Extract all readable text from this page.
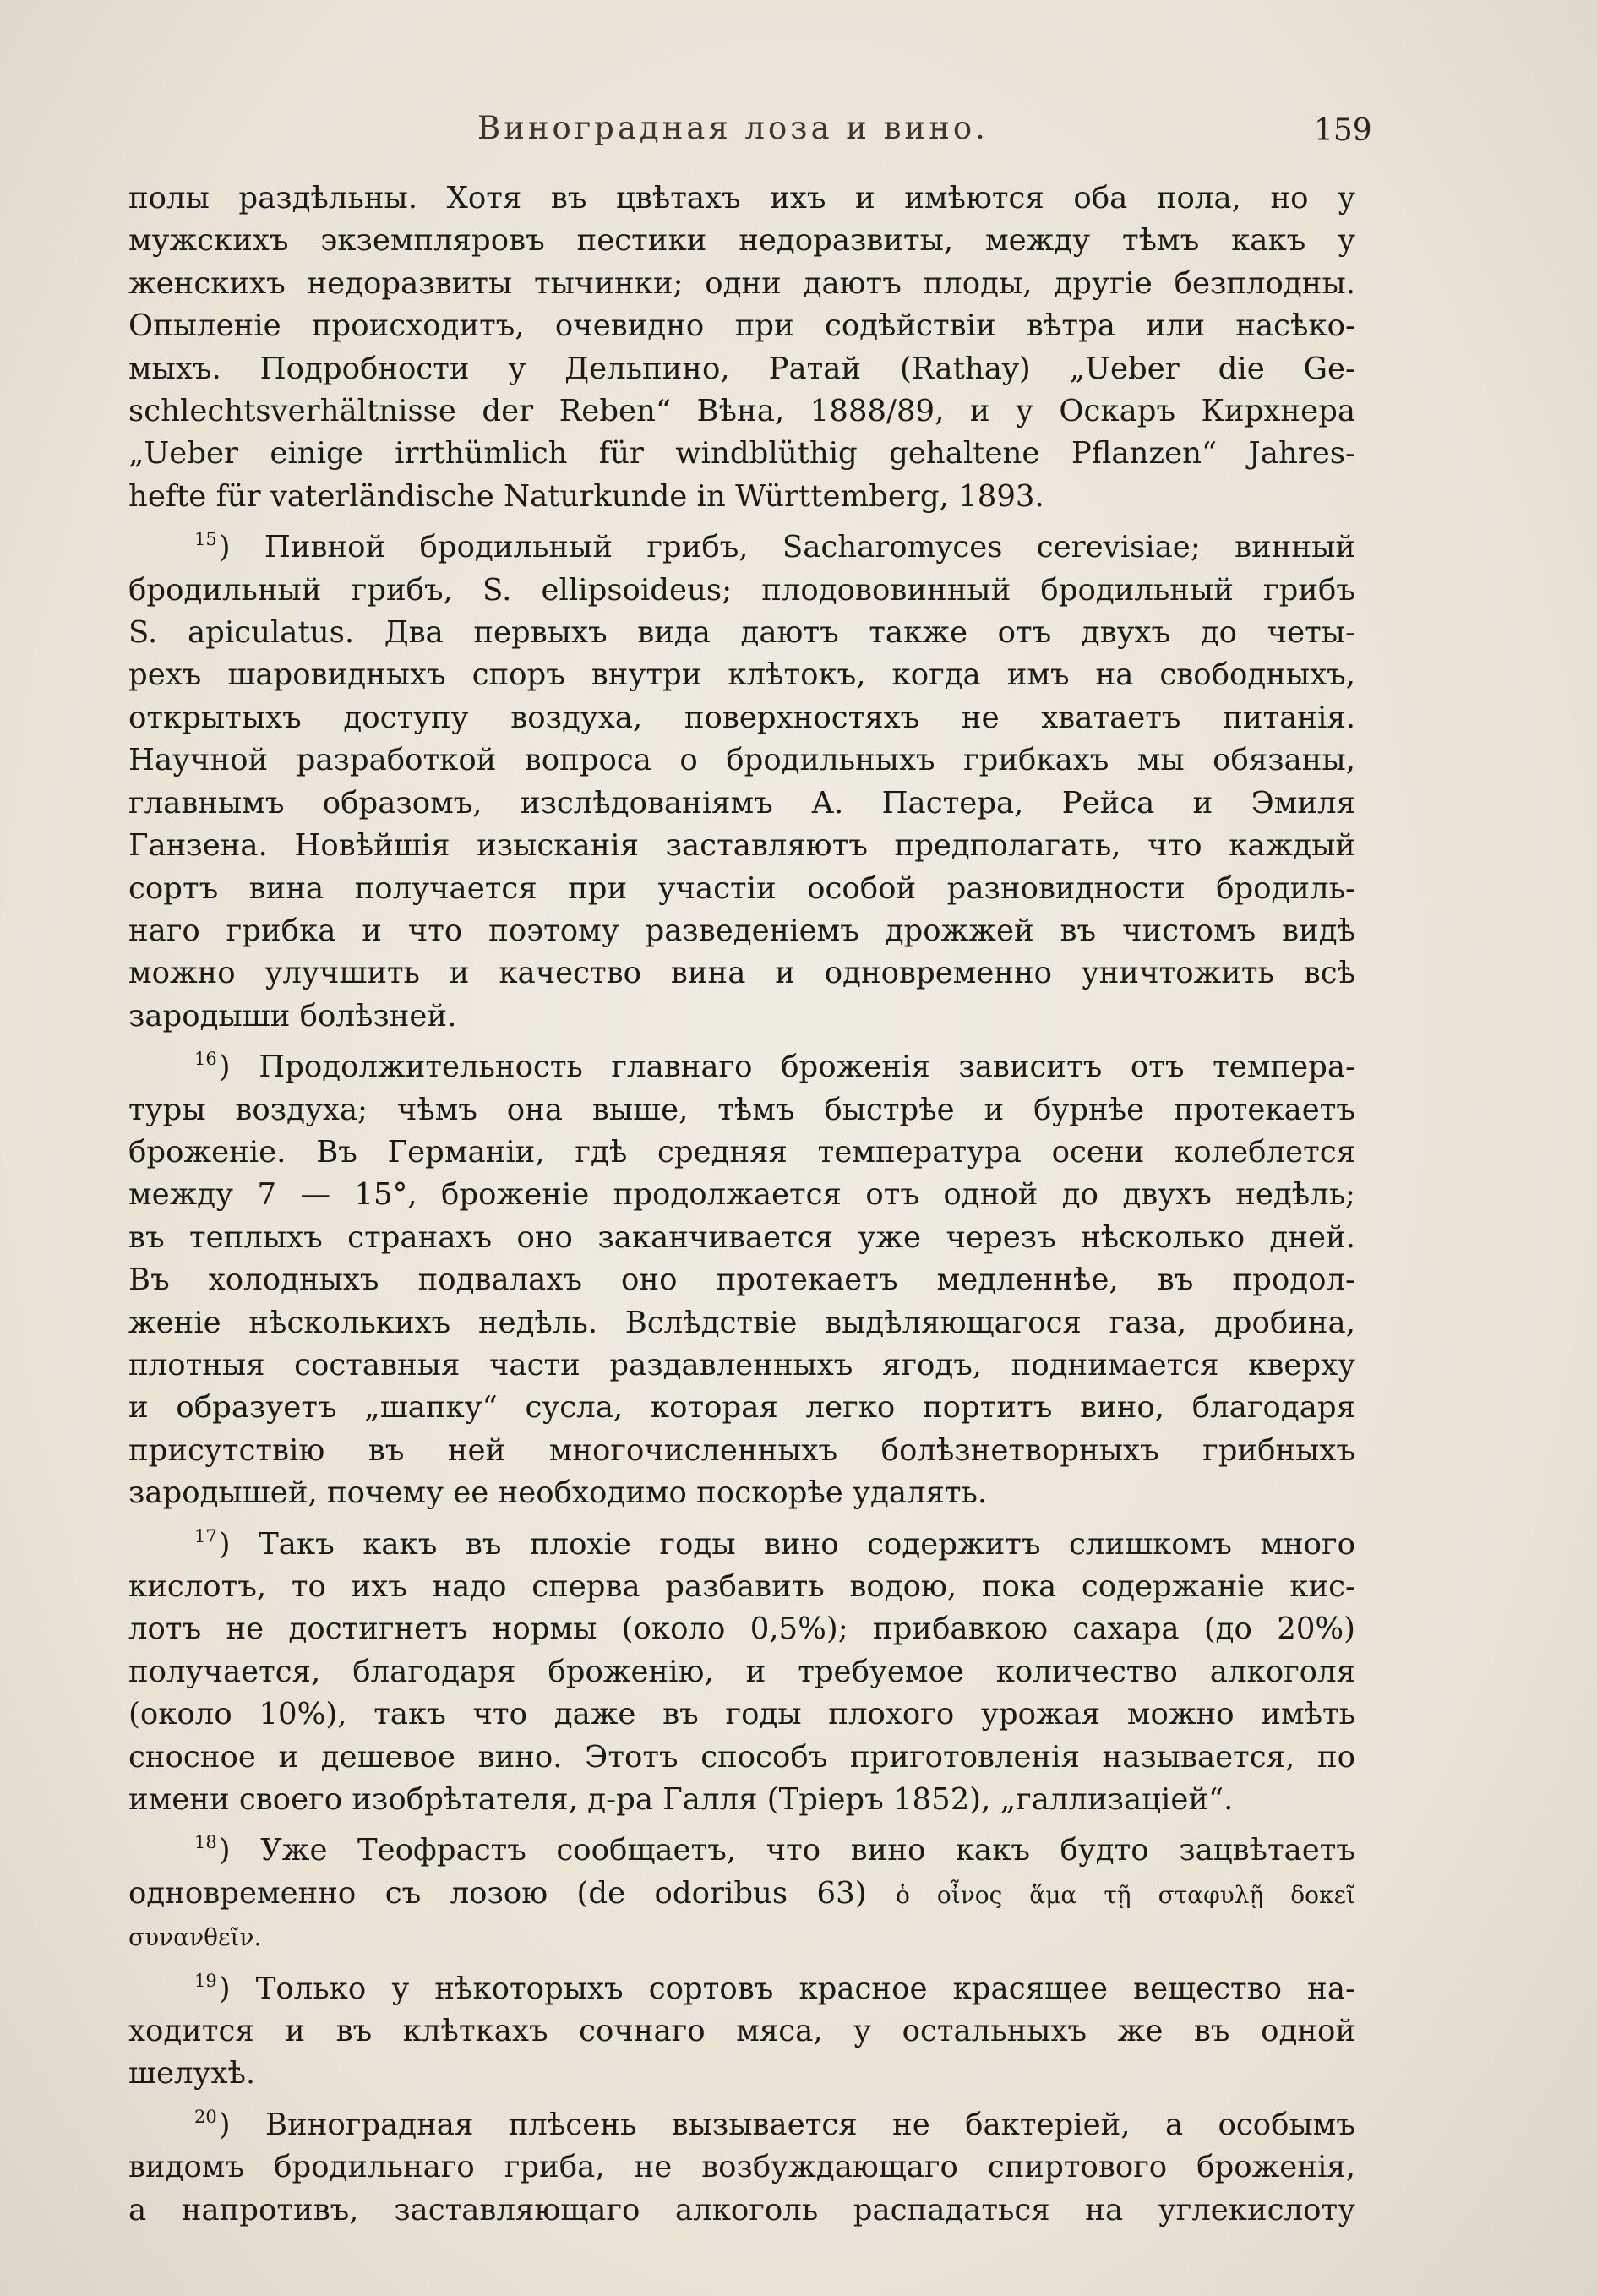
Виноградная лоза и вино.	159

полы раздѣльны. Хотя въ цвѣтахъ ихъ и имѣются оба пола, но у
мужскихъ экземпляровъ пестики недоразвиты, между тѣмъ какъ у
женскихъ недоразвиты тычинки; одни даютъ плоды, другіе безплодны.
Опыленіе происходитъ, очевидно при содѣйствіи вѣтра или насѣко-
мыхъ. Подробности у Дельпино, Ратай (Rathay) „Ueber die Ge-
schlechtsverhältnisse der Reben“ Вѣна, 1888/89, и у Оскаръ Кирхнера
„Ueber einige irrthümlich für windblüthig gehaltene Pflanzen“ Jahres-
hefte für vaterländische Naturkunde in Württemberg, 1893.

$^{15}$) Пивной бродильный грибъ, Sacharomyces cerevisiae; винный
бродильный грибъ, S. ellipsoideus; плодововинный бродильный грибъ
S. apiculatus. Два первыхъ вида даютъ также отъ двухъ до четы-
рехъ шаровидныхъ споръ внутри клѣтокъ, когда имъ на свободныхъ,
открытыхъ доступу воздуха, поверхностяхъ не хватаетъ питанія.
Научной разработкой вопроса о бродильныхъ грибкахъ мы обязаны,
главнымъ образомъ, изслѣдованіямъ А. Пастера, Рейса и Эмиля
Ганзена. Новѣйшія изысканія заставляютъ предполагать, что каждый
сортъ вина получается при участіи особой разновидности бродиль-
наго грибка и что поэтому разведеніемъ дрожжей въ чистомъ видѣ
можно улучшить и качество вина и одновременно уничтожить всѣ
зародыши болѣзней.

$^{16}$) Продолжительность главнаго броженія зависитъ отъ темпера-
туры воздуха; чѣмъ она выше, тѣмъ быстрѣе и бурнѣе протекаетъ
броженіе. Въ Германіи, гдѣ средняя температура осени колеблется
между 7 — 15°, броженіе продолжается отъ одной до двухъ недѣль;
въ теплыхъ странахъ оно заканчивается уже черезъ нѣсколько дней.
Въ холодныхъ подвалахъ оно протекаетъ медленнѣе, въ продол-
женіе нѣсколькихъ недѣль. Вслѣдствіе выдѣляющагося газа, дробина,
плотныя составныя части раздавленныхъ ягодъ, поднимается кверху
и образуетъ „шапку“ сусла, которая легко портитъ вино, благодаря
присутствію въ ней многочисленныхъ болѣзнетворныхъ грибныхъ
зародышей, почему ее необходимо поскорѣе удалять.

$^{17}$) Такъ какъ въ плохіе годы вино содержитъ слишкомъ много
кислотъ, то ихъ надо сперва разбавить водою, пока содержаніе кис-
лотъ не достигнетъ нормы (около 0,5%); прибавкою сахара (до 20%)
получается, благодаря броженію, и требуемое количество алкоголя
(около 10%), такъ что даже въ годы плохого урожая можно имѣть
сносное и дешевое вино. Этотъ способъ приготовленія называется, по
имени своего изобрѣтателя, д-ра Галля (Тріеръ 1852), „галлизаціей“.

$^{18}$) Уже Теофрастъ сообщаетъ, что вино какъ будто зацвѣтаетъ
одновременно съ лозою (de odoribus 63) ὁ οἶνος ἅμα τῇ σταφυλῇ δοκεῖ
συνανθεῖν.

$^{19}$) Только у нѣкоторыхъ сортовъ красное красящее вещество на-
ходится и въ клѣткахъ сочнаго мяса, у остальныхъ же въ одной
шелухѣ.

$^{20}$) Виноградная плѣсень вызывается не бактеріей, а особымъ
видомъ бродильнаго гриба, не возбуждающаго спиртового броженія,
а напротивъ, заставляющаго алкоголь распадаться на углекислоту
